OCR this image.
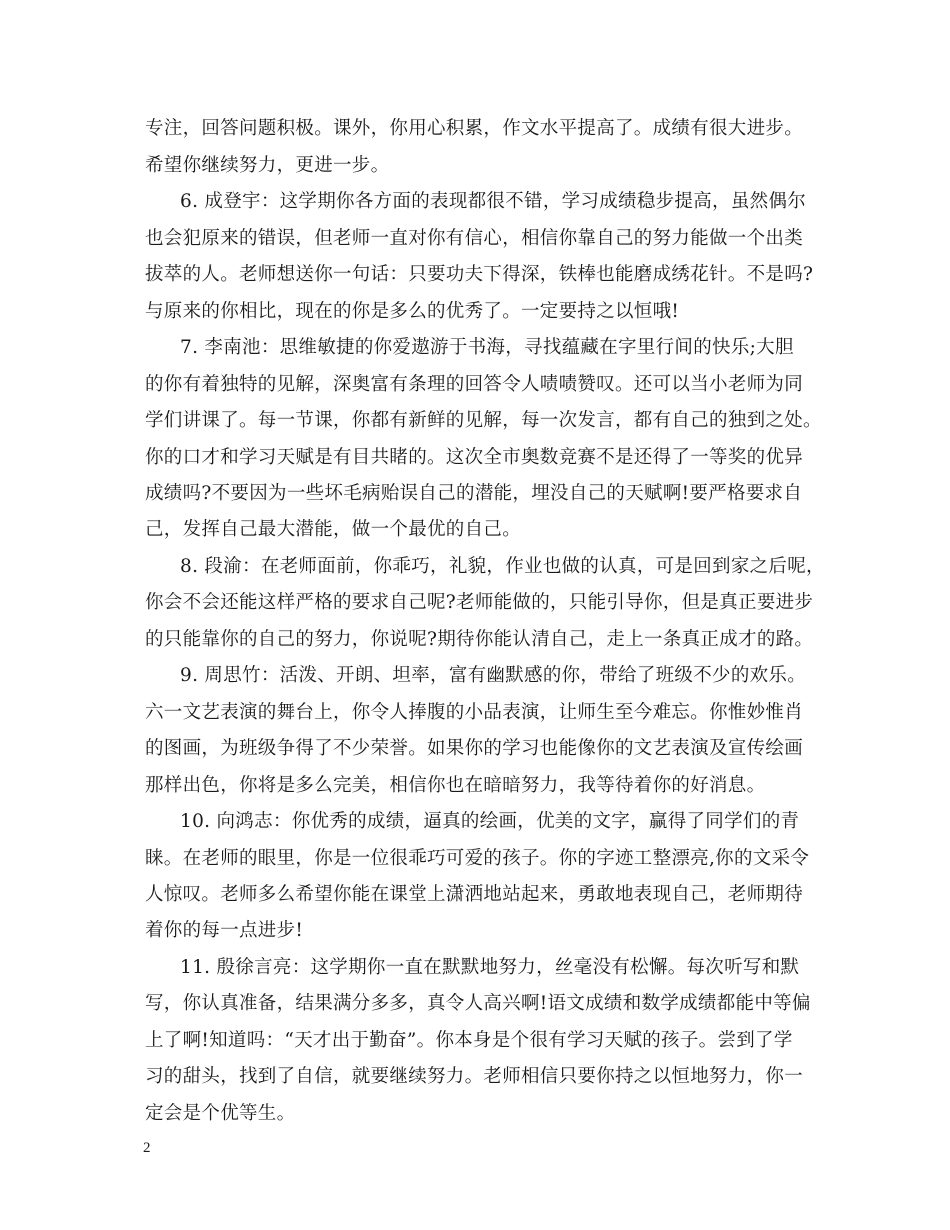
专注，回答问题积极。课外，你用心积累，作文水平提高了。成绩有很大进步。
希望你继续努力，更进一步。
6. 成登宇：这学期你各方面的表现都很不错，学习成绩稳步提高，虽然偶尔
也会犯原来的错误，但老师一直对你有信心，相信你靠自己的努力能做一个出类
拔萃的人。老师想送你一句话：只要功夫下得深，铁棒也能磨成绣花针。不是吗?
与原来的你相比，现在的你是多么的优秀了。一定要持之以恒哦!
7. 李南池：思维敏捷的你爱遨游于书海，寻找蕴藏在字里行间的快乐;大胆
的你有着独特的见解，深奥富有条理的回答令人啧啧赞叹。还可以当小老师为同
学们讲课了。每一节课，你都有新鲜的见解，每一次发言，都有自己的独到之处。
你的口才和学习天赋是有目共睹的。这次全市奥数竞赛不是还得了一等奖的优异
成绩吗?不要因为一些坏毛病贻误自己的潜能，埋没自己的天赋啊!要严格要求自
己，发挥自己最大潜能，做一个最优的自己。
8. 段渝：在老师面前，你乖巧，礼貌，作业也做的认真，可是回到家之后呢，
你会不会还能这样严格的要求自己呢?老师能做的，只能引导你，但是真正要进步
的只能靠你的自己的努力，你说呢?期待你能认清自己，走上一条真正成才的路。
9. 周思竹：活泼、开朗、坦率，富有幽默感的你，带给了班级不少的欢乐。
六一文艺表演的舞台上，你令人捧腹的小品表演，让师生至今难忘。你惟妙惟肖
的图画，为班级争得了不少荣誉。如果你的学习也能像你的文艺表演及宣传绘画
那样出色，你将是多么完美，相信你也在暗暗努力，我等待着你的好消息。
10. 向鸿志：你优秀的成绩，逼真的绘画，优美的文字，赢得了同学们的青
睐。在老师的眼里，你是一位很乖巧可爱的孩子。你的字迹工整漂亮,你的文采令
人惊叹。老师多么希望你能在课堂上潇洒地站起来，勇敢地表现自己，老师期待
着你的每一点进步!
11. 殷徐言亮：这学期你一直在默默地努力，丝毫没有松懈。每次听写和默
写，你认真准备，结果满分多多，真令人高兴啊!语文成绩和数学成绩都能中等偏
上了啊!知道吗：“天才出于勤奋”。你本身是个很有学习天赋的孩子。尝到了学
习的甜头，找到了自信，就要继续努力。老师相信只要你持之以恒地努力，你一
定会是个优等生。
2
